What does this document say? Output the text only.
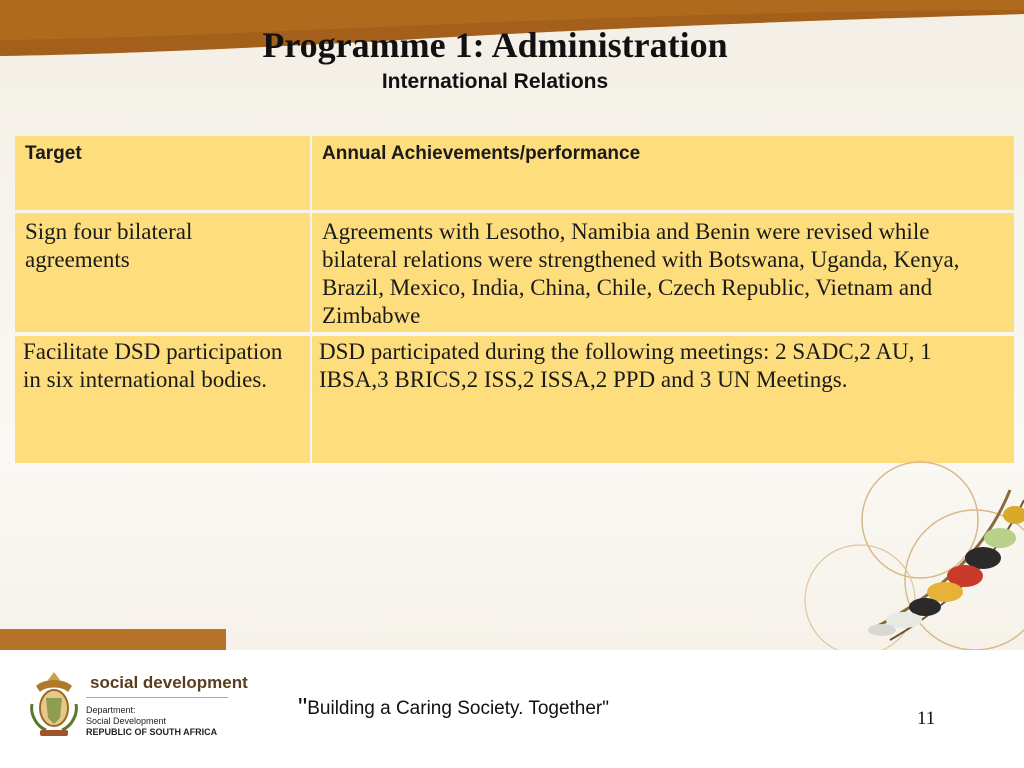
Programme 1: Administration
International Relations
Target	Annual Achievements/performance
Sign four bilateral agreements
Agreements with Lesotho, Namibia and Benin were revised while bilateral relations were strengthened with Botswana, Uganda, Kenya, Brazil, Mexico, India, China, Chile, Czech Republic, Vietnam and Zimbabwe
Facilitate DSD participation in six international bodies.
DSD participated during the following meetings: 2 SADC,2 AU, 1 IBSA,3 BRICS,2 ISS,2 ISSA,2 PPD and 3 UN Meetings.
social development
Department:
Social Development
REPUBLIC OF SOUTH AFRICA
"Building a Caring Society. Together"	11
